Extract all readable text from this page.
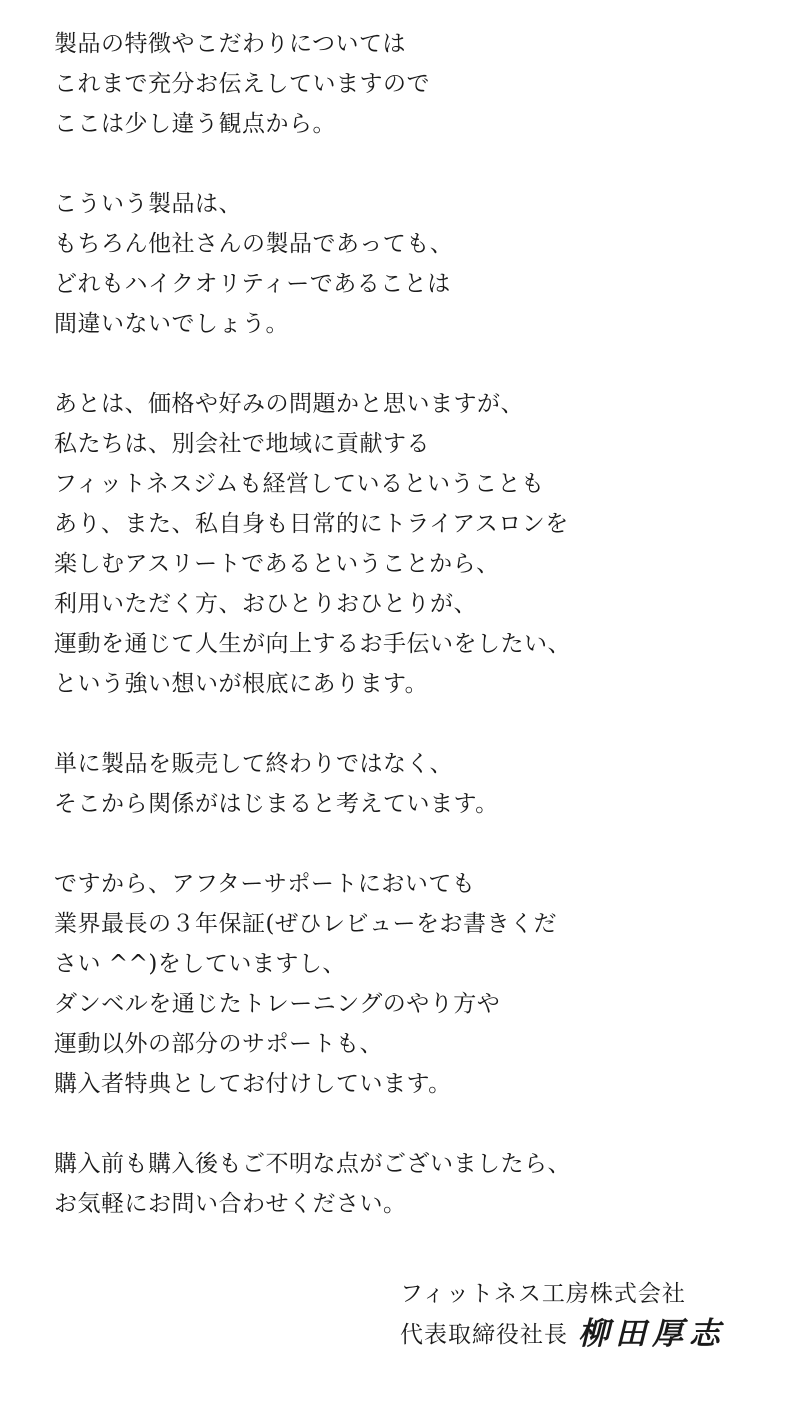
製品の特徴やこだわりについては
これまで充分お伝えしていますので
ここは少し違う観点から。
こういう製品は、
もちろん他社さんの製品であっても、
どれもハイクオリティーであることは
間違いないでしょう。
あとは、価格や好みの問題かと思いますが、
私たちは、別会社で地域に貢献する
フィットネスジムも経営しているということも
あり、また、私自身も日常的にトライアスロンを
楽しむアスリートであるということから、
利用いただく方、おひとりおひとりが、
運動を通じて人生が向上するお手伝いをしたい、
という強い想いが根底にあります。
単に製品を販売して終わりではなく、
そこから関係がはじまると考えています。
ですから、アフターサポートにおいても
業界最長の３年保証(ぜひレビューをお書きくだ
さい ^^)をしていますし、
ダンベルを通じたトレーニングのやり方や
運動以外の部分のサポートも、
購入者特典としてお付けしています。
購入前も購入後もご不明な点がございましたら、
お気軽にお問い合わせください。
フィットネス工房株式会社
代表取締役社長 柳田厚志
